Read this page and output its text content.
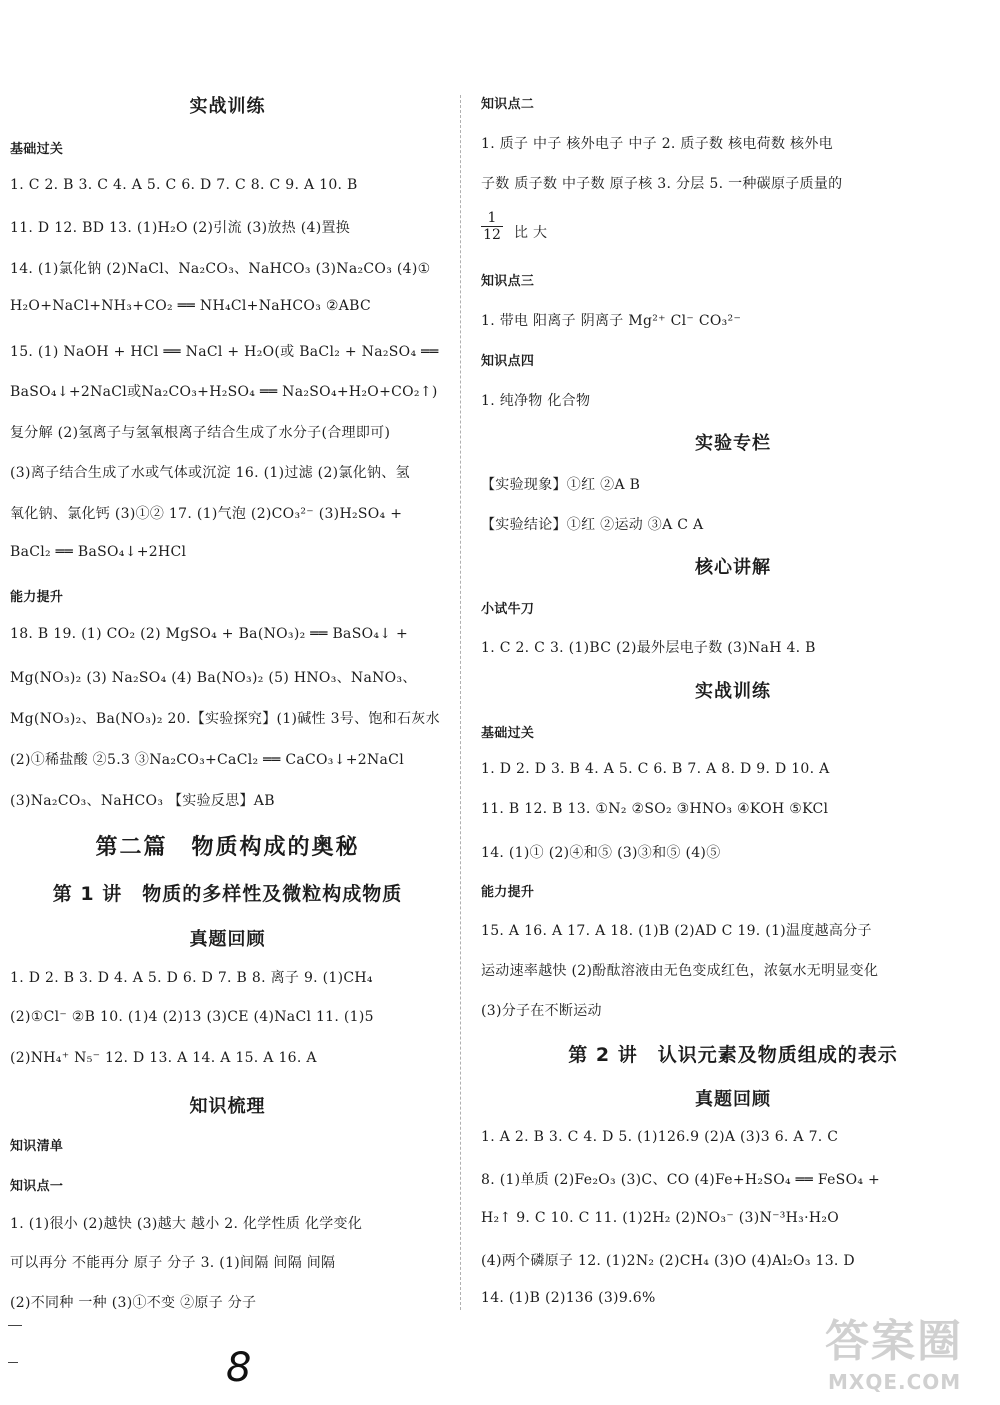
实战训练
基础过关
1. C 2. B 3. C 4. A 5. C 6. D 7. C 8. C 9. A 10. B
11. D 12. BD 13. (1)H₂O (2)引流 (3)放热 (4)置换
14. (1)氯化钠 (2)NaCl、Na₂CO₃、NaHCO₃ (3)Na₂CO₃ (4)①
H₂O+NaCl+NH₃+CO₂ ══ NH₄Cl+NaHCO₃ ②ABC
15. (1) NaOH + HCl ══ NaCl + H₂O(或 BaCl₂ + Na₂SO₄ ══
BaSO₄↓+2NaCl或Na₂CO₃+H₂SO₄ ══ Na₂SO₄+H₂O+CO₂↑)
复分解 (2)氢离子与氢氧根离子结合生成了水分子(合理即可)
(3)离子结合生成了水或气体或沉淀 16. (1)过滤 (2)氯化钠、氢
氧化钠、氯化钙 (3)①② 17. (1)气泡 (2)CO₃²⁻ (3)H₂SO₄ +
BaCl₂ ══ BaSO₄↓+2HCl
能力提升
18. B 19. (1) CO₂ (2) MgSO₄ + Ba(NO₃)₂ ══ BaSO₄↓ +
Mg(NO₃)₂ (3) Na₂SO₄ (4) Ba(NO₃)₂ (5) HNO₃、NaNO₃、
Mg(NO₃)₂、Ba(NO₃)₂ 20.【实验探究】(1)碱性 3号、饱和石灰水
(2)①稀盐酸 ②5.3 ③Na₂CO₃+CaCl₂ ══ CaCO₃↓+2NaCl
(3)Na₂CO₃、NaHCO₃ 【实验反思】AB
第二篇　物质构成的奥秘
第 1 讲　物质的多样性及微粒构成物质
真题回顾
1. D 2. B 3. D 4. A 5. D 6. D 7. B 8. 离子 9. (1)CH₄
(2)①Cl⁻ ②B 10. (1)4 (2)13 (3)CE (4)NaCl 11. (1)5
(2)NH₄⁺ N₅⁻ 12. D 13. A 14. A 15. A 16. A
知识梳理
知识清单
知识点一
1. (1)很小 (2)越快 (3)越大 越小 2. 化学性质 化学变化
可以再分 不能再分 原子 分子 3. (1)间隔 间隔 间隔
(2)不同种 一种 (3)①不变 ②原子 分子
知识点二
1. 质子 中子 核外电子 中子 2. 质子数 核电荷数 核外电
子数 质子数 中子数 原子核 3. 分层 5. 一种碳原子质量的
$\frac{1}{12}$ 比 大
知识点三
1. 带电 阳离子 阴离子 Mg²⁺ Cl⁻ CO₃²⁻
知识点四
1. 纯净物 化合物
实验专栏
【实验现象】①红 ②A B
【实验结论】①红 ②运动 ③A C A
核心讲解
小试牛刀
1. C 2. C 3. (1)BC (2)最外层电子数 (3)NaH 4. B
实战训练
基础过关
1. D 2. D 3. B 4. A 5. C 6. B 7. A 8. D 9. D 10. A
11. B 12. B 13. ①N₂ ②SO₂ ③HNO₃ ④KOH ⑤KCl
14. (1)① (2)④和⑤ (3)③和⑤ (4)⑤
能力提升
15. A 16. A 17. A 18. (1)B (2)AD C 19. (1)温度越高分子
运动速率越快 (2)酚酞溶液由无色变成红色，浓氨水无明显变化
(3)分子在不断运动
第 2 讲　认识元素及物质组成的表示
真题回顾
1. A 2. B 3. C 4. D 5. (1)126.9 (2)A (3)3 6. A 7. C
8. (1)单质 (2)Fe₂O₃ (3)C、CO (4)Fe+H₂SO₄ ══ FeSO₄ +
H₂↑ 9. C 10. C 11. (1)2H₂ (2)NO₃⁻ (3)N⁻³H₃·H₂O
(4)两个磷原子 12. (1)2N₂ (2)CH₄ (3)O (4)Al₂O₃ 13. D
14. (1)B (2)136 (3)9.6%
8
答案圈
MXQE.COM
